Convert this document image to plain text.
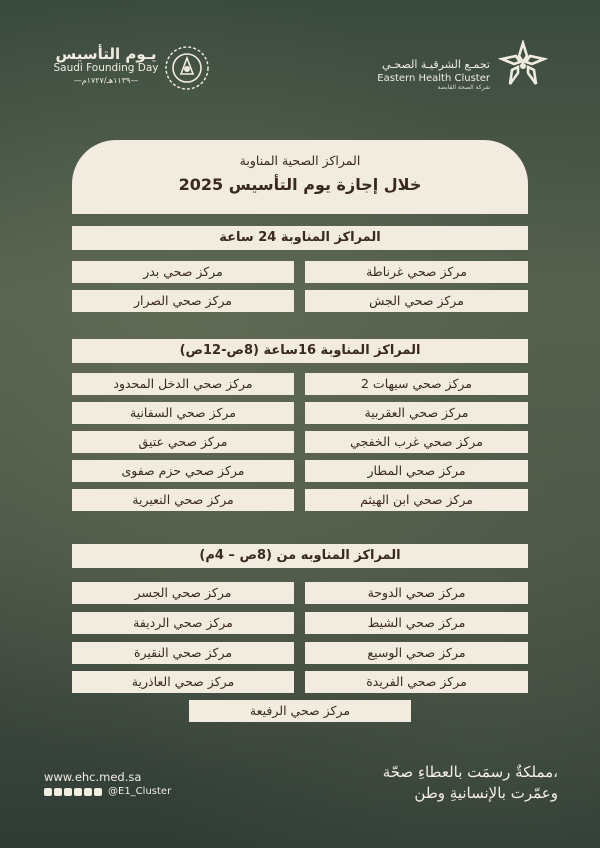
تجمـع الشرقيـة الصحـي
Eastern Health Cluster
شركة الصحة القابضة
يـوم التأسيس
Saudi Founding Day
—١١٣٩هـ/١٧٢٧م—
المراكز الصحية المناوبة
خلال إجازة يوم التأسيس 2025
المراكز المناوبة 24 ساعة
مركز صحي غرناطة
مركز صحي بدر
مركز صحي الجش
مركز صحي الصرار
المراكز المناوبة 16ساعة (8ص-12ص)
مركز صحي سيهات 2
مركز صحي الدخل المحدود
مركز صحي العقربية
مركز صحي السفانية
مركز صحي غرب الخفجي
مركز صحي عتيق
مركز صحي المطار
مركز صحي حزم صفوى
مركز صحي ابن الهيثم
مركز صحي النعيرية
المراكز المناوبه من (8ص – 4م)
مركز صحي الدوحة
مركز صحي الجسر
مركز صحي الشيط
مركز صحي الرديفة
مركز صحي الوسيع
مركز صحي النقيرة
مركز صحي الفريدة
مركز صحي العاذرية
مركز صحي الرفيعة
www.ehc.med.sa
@E1_Cluster
مملكةٌ رسمَت بالعطاءِ صحّة،
وعمّرت بالإنسانيةِ وطن
